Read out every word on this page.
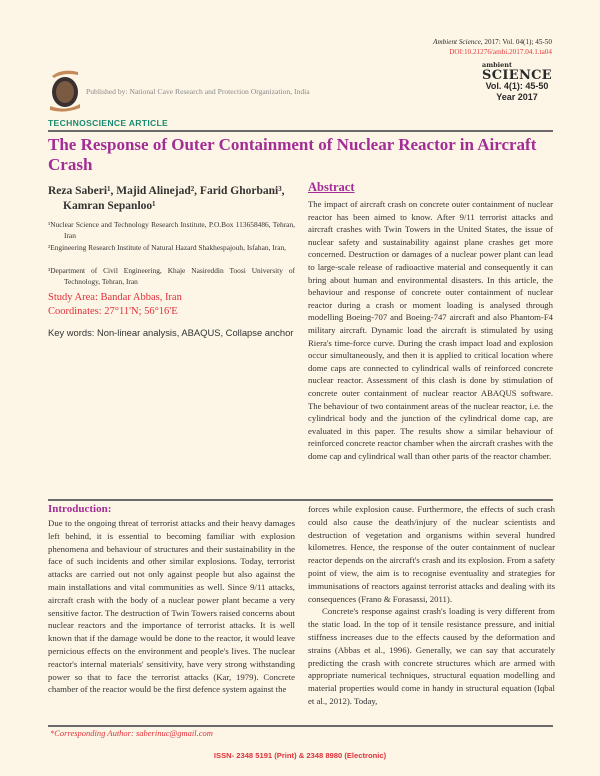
Ambient Science, 2017: Vol. 04(1); 45-50
DOI:10.21276/ambi.2017.04.1.ta04
ambient
SCIENCE
Vol. 4(1): 45-50
Year 2017
Published by: National Cave Research and Protection Organization, India
TECHNOSCIENCE ARTICLE
The Response of Outer Containment of Nuclear Reactor in Aircraft Crash
Reza Saberi¹, Majid Alinejad², Farid Ghorbani³, Kamran Sepanloo¹
¹Nuclear Science and Technology Research Institute, P.O.Box 113658486, Tehran, Iran
²Engineering Research Institute of Natural Hazard Shakhespajouh, Isfahan, Iran,
³Department of Civil Engineering, Khaje Nasireddin Toosi University of Technology, Tehran, Iran
Study Area: Bandar Abbas, Iran
Coordinates: 27°11'N; 56°16'E
Key words: Non-linear analysis, ABAQUS, Collapse anchor
Abstract
The impact of aircraft crash on concrete outer containment of nuclear reactor has been aimed to know. After 9/11 terrorist attacks and aircraft crashes with Twin Towers in the United States, the issue of nuclear safety and sustainability against plane crashes get more concerned. Destruction or damages of a nuclear power plant can lead to large-scale release of radioactive material and consequently it can bring about human and environmental disasters. In this article, the behaviour and response of concrete outer containment of nuclear reactor during a crash or moment loading is analysed through modelling Boeing-707 and Boeing-747 aircraft and also Phantom-F4 military aircraft. Dynamic load the aircraft is stimulated by using Riera's time-force curve. During the crash impact load and explosion occur simultaneously, and then it is applied to critical location where dome caps are connected to cylindrical walls of reinforced concrete nuclear reactor. Assessment of this clash is done by stimulation of concrete outer containment of nuclear reactor ABAQUS software. The behaviour of two containment areas of the nuclear reactor, i.e. the cylindrical body and the junction of the cylindrical dome cap, are evaluated in this paper. The results show a similar behaviour of reinforced concrete reactor chamber when the aircraft crashes with the dome cap and cylindrical wall than other parts of the reactor chamber.
Introduction:
Due to the ongoing threat of terrorist attacks and their heavy damages left behind, it is essential to becoming familiar with explosion phenomena and behaviour of structures and their sustainability in the face of such incidents and other similar explosions. Today, terrorist attacks are carried out not only against people but also against the main installations and vital communities as well. Since 9/11 attacks, aircraft crash with the body of a nuclear power plant became a very sensitive factor. The destruction of Twin Towers raised concerns about nuclear reactors and the importance of terrorist attacks. It is well known that if the damage would be done to the reactor, it would leave pernicious effects on the environment and people's lives. The nuclear reactor's internal materials' sensitivity, have very strong withstanding power so that to face the terrorist attacks (Kar, 1979). Concrete chamber of the reactor would be the first defence system against the

forces while explosion cause. Furthermore, the effects of such crash could also cause the death/injury of the nuclear scientists and destruction of vegetation and organisms within several hundred kilometres. Hence, the response of the outer containment of nuclear reactor depends on the aircraft's crash and its explosion. From a safety point of view, the aim is to recognise eventuality and strategies for immunisations of reactors against terrorist attacks and dealing with its consequences (Frano & Forasassi, 2011).

Concrete's response against crash's loading is very different from the static load. In the top of it tensile resistance pressure, and initial stiffness increases due to the effects caused by the deformation and strains (Abbas et al., 1996). Generally, we can say that accurately predicting the crash with concrete structures which are armed with appropriate numerical techniques, structural equation modelling and material properties would come in handy in structural equation (Iqbal et al., 2012). Today,

*Corresponding Author: saberinuc@gmail.com
ISSN- 2348 5191 (Print) & 2348 8980 (Electronic)
